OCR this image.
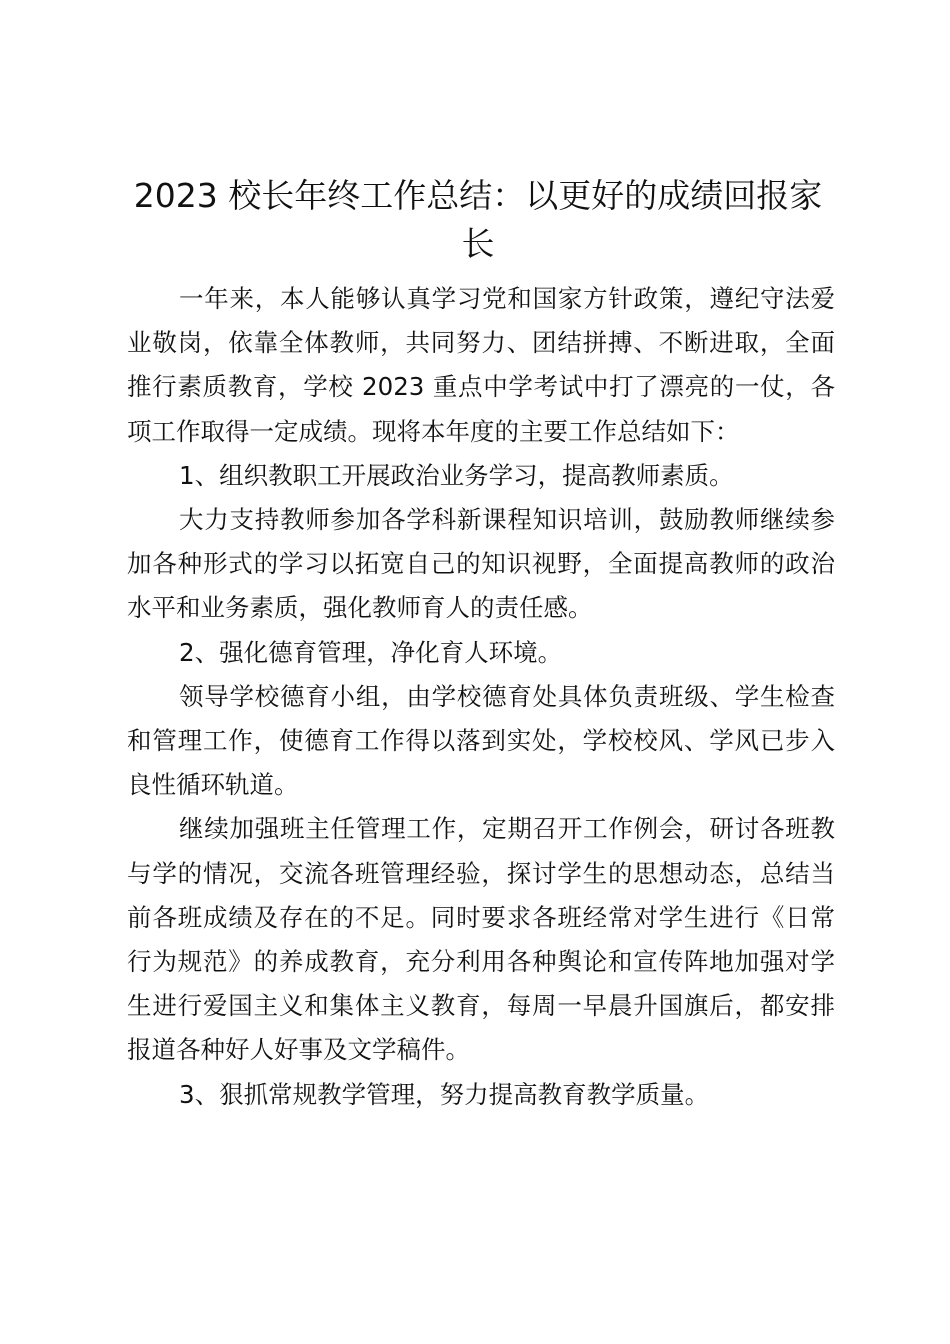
2023 校长年终工作总结：以更好的成绩回报家长

一年来，本人能够认真学习党和国家方针政策，遵纪守法爱业敬岗，依靠全体教师，共同努力、团结拼搏、不断进取，全面推行素质教育，学校 2023 重点中学考试中打了漂亮的一仗，各项工作取得一定成绩。现将本年度的主要工作总结如下：

1、组织教职工开展政治业务学习，提高教师素质。

大力支持教师参加各学科新课程知识培训，鼓励教师继续参加各种形式的学习以拓宽自己的知识视野，全面提高教师的政治水平和业务素质，强化教师育人的责任感。

2、强化德育管理，净化育人环境。

领导学校德育小组，由学校德育处具体负责班级、学生检查和管理工作，使德育工作得以落到实处，学校校风、学风已步入良性循环轨道。

继续加强班主任管理工作，定期召开工作例会，研讨各班教与学的情况，交流各班管理经验，探讨学生的思想动态，总结当前各班成绩及存在的不足。同时要求各班经常对学生进行《日常行为规范》的养成教育，充分利用各种舆论和宣传阵地加强对学生进行爱国主义和集体主义教育，每周一早晨升国旗后，都安排报道各种好人好事及文学稿件。

3、狠抓常规教学管理，努力提高教育教学质量。
